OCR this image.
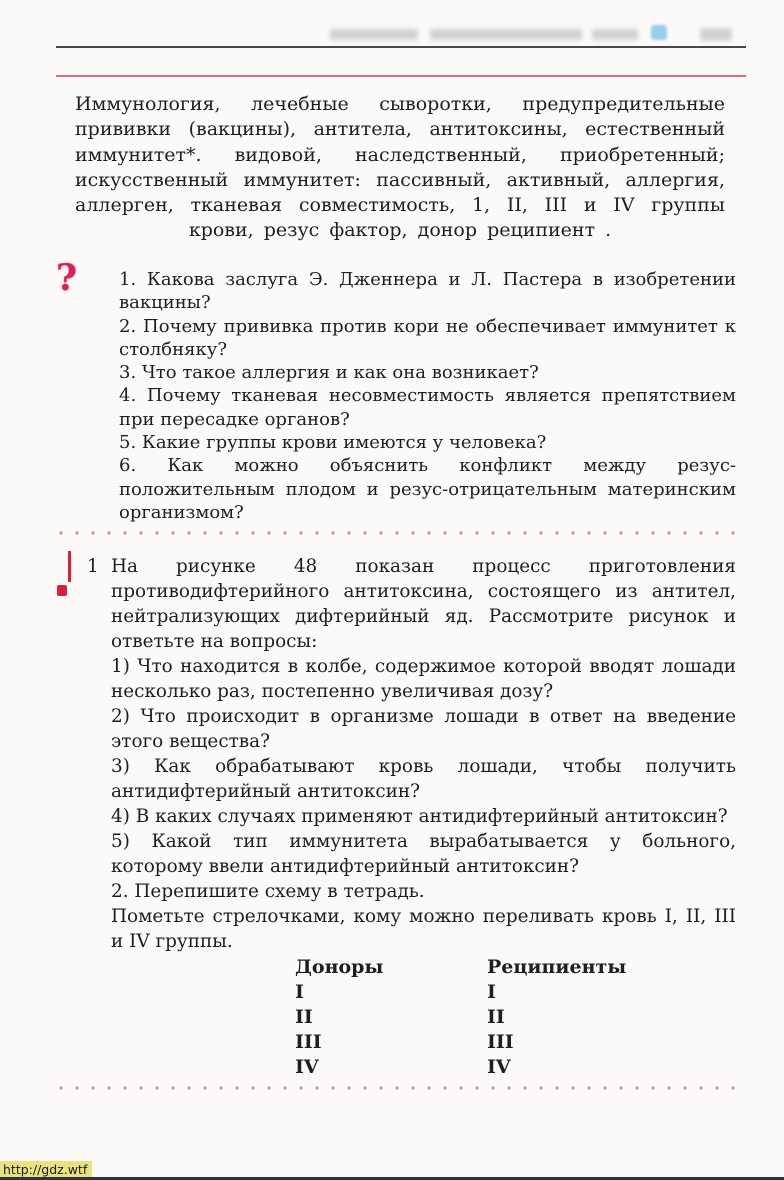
Иммунология, лечебные сыворотки, предупредительные прививки (вакцины), антитела, антитоксины, естественный иммунитет*. видовой, наследственный, приобретенный; искусственный иммунитет: пассивный, активный, аллергия, аллерген, тканевая совместимость, 1, II, III и IV группы крови, резус фактор, донор реципиент .
? 1. Какова заслуга Э. Дженнера и Л. Пастера в изобретении вакцины?
2. Почему прививка против кори не обеспечивает иммунитет к столбняку?
3. Что такое аллергия и как она возникает?
4. Почему тканевая несовместимость является препятствием при пересадке органов?
5. Какие группы крови имеются у человека?
6. Как можно объяснить конфликт между резус-положительным плодом и резус-отрицательным материнским организмом?

1 На рисунке 48 показан процесс приготовления противодифтерийного антитоксина, состоящего из антител, нейтрализующих дифтерийный яд. Рассмотрите рисунок и ответьте на вопросы:

1) Что находится в колбе, содержимое которой вводят лошади несколько раз, постепенно увеличивая дозу?

2) Что происходит в организме лошади в ответ на введение этого вещества?

3) Как обрабатывают кровь лошади, чтобы получить антидифтерийный антитоксин?

4) В каких случаях применяют антидифтерийный антитоксин?

5) Какой тип иммунитета вырабатывается у больного, которому ввели антидифтерийный антитоксин?

2. Перепишите схему в тетрадь.

Пометьте стрелочками, кому можно переливать кровь I, II, III и IV группы.

Доноры
I
II
III
IV
Реципиенты
I
II
III
IV
http://gdz.wtf
